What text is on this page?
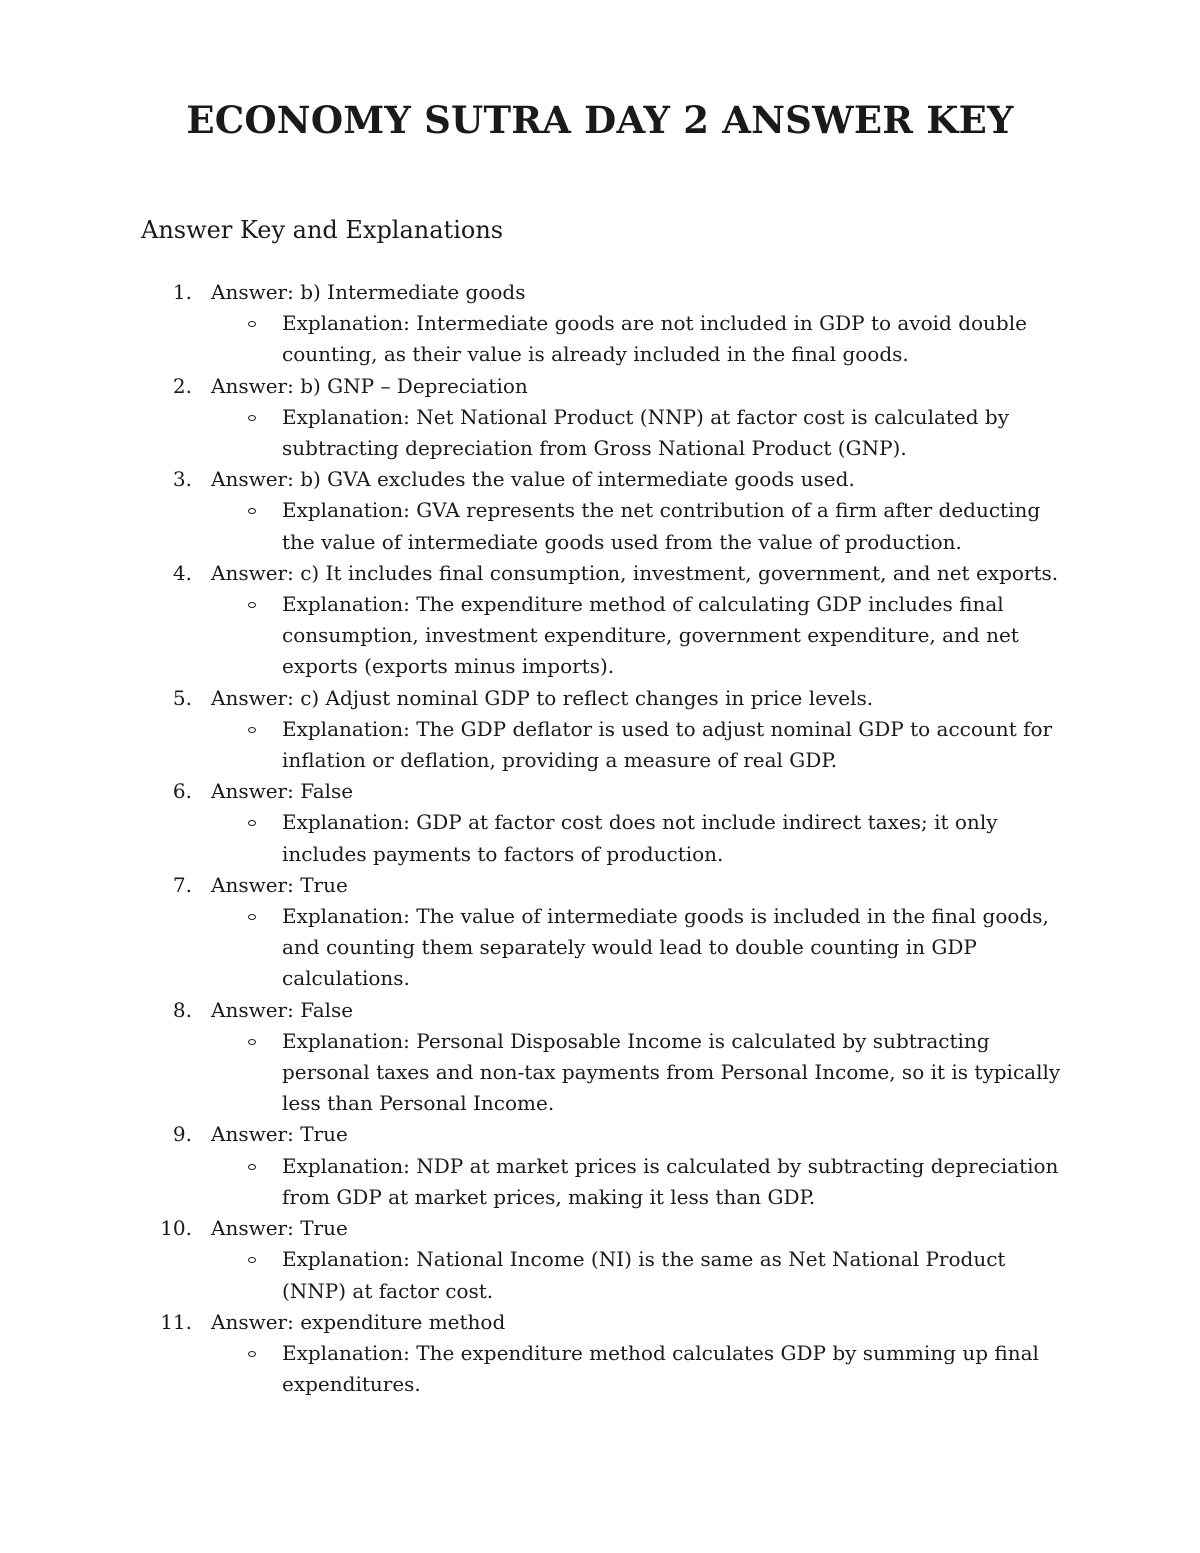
ECONOMY SUTRA DAY 2 ANSWER KEY
Answer Key and Explanations
1. Answer: b) Intermediate goods
Explanation: Intermediate goods are not included in GDP to avoid double counting, as their value is already included in the final goods.
2. Answer: b) GNP – Depreciation
Explanation: Net National Product (NNP) at factor cost is calculated by subtracting depreciation from Gross National Product (GNP).
3. Answer: b) GVA excludes the value of intermediate goods used.
Explanation: GVA represents the net contribution of a firm after deducting the value of intermediate goods used from the value of production.
4. Answer: c) It includes final consumption, investment, government, and net exports.
Explanation: The expenditure method of calculating GDP includes final consumption, investment expenditure, government expenditure, and net exports (exports minus imports).
5. Answer: c) Adjust nominal GDP to reflect changes in price levels.
Explanation: The GDP deflator is used to adjust nominal GDP to account for inflation or deflation, providing a measure of real GDP.
6. Answer: False
Explanation: GDP at factor cost does not include indirect taxes; it only includes payments to factors of production.
7. Answer: True
Explanation: The value of intermediate goods is included in the final goods, and counting them separately would lead to double counting in GDP calculations.
8. Answer: False
Explanation: Personal Disposable Income is calculated by subtracting personal taxes and non-tax payments from Personal Income, so it is typically less than Personal Income.
9. Answer: True
Explanation: NDP at market prices is calculated by subtracting depreciation from GDP at market prices, making it less than GDP.
10. Answer: True
Explanation: National Income (NI) is the same as Net National Product (NNP) at factor cost.
11. Answer: expenditure method
Explanation: The expenditure method calculates GDP by summing up final expenditures.
